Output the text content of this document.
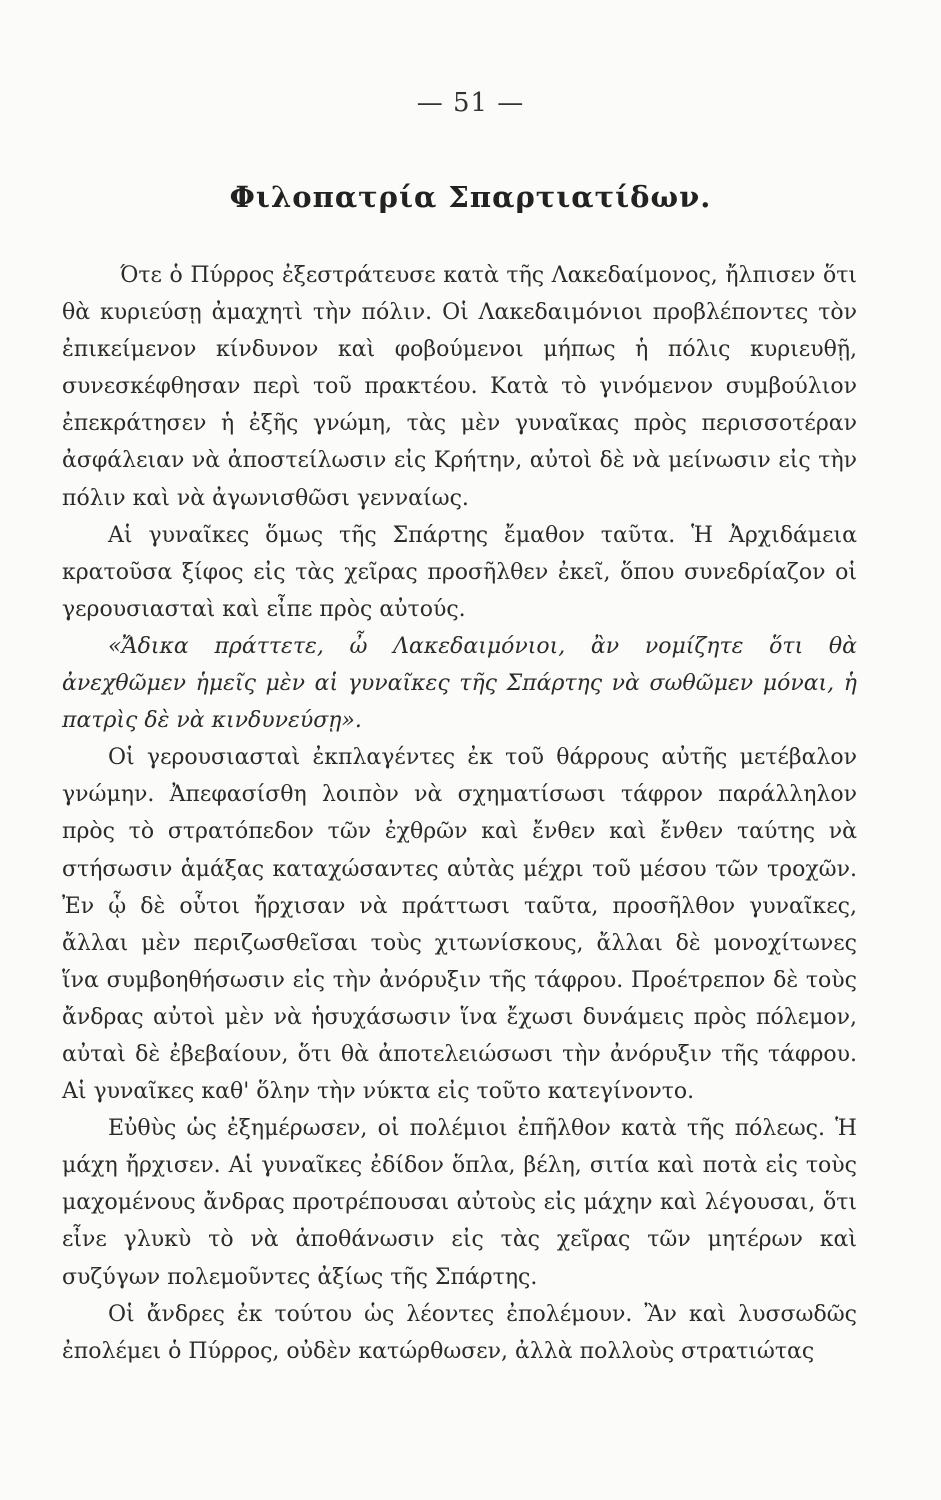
— 51 —
Φιλοπατρία Σπαρτιατίδων.

Ότε ὁ Πύρρος ἐξεστράτευσε κατὰ τῆς Λακεδαίμονος, ἤλπισεν ὅτι θὰ κυριεύσῃ ἀμαχητὶ τὴν πόλιν. Οἱ Λακεδαιμόνιοι προβλέποντες τὸν ἐπικείμενον κίνδυνον καὶ φοβούμενοι μήπως ἡ πόλις κυριευθῇ, συνεσκέφθησαν περὶ τοῦ πρακτέου. Κατὰ τὸ γινόμενον συμβούλιον ἐπεκράτησεν ἡ ἐξῆς γνώμη, τὰς μὲν γυναῖκας πρὸς περισσοτέραν ἀσφάλειαν νὰ ἀποστείλωσιν εἰς Κρήτην, αὐτοὶ δὲ νὰ μείνωσιν εἰς τὴν πόλιν καὶ νὰ ἀγωνισθῶσι γενναίως.

Αἱ γυναῖκες ὅμως τῆς Σπάρτης ἔμαθον ταῦτα. Ἡ Ἀρχιδάμεια κρατοῦσα ξίφος εἰς τὰς χεῖρας προσῆλθεν ἐκεῖ, ὅπου συνεδρίαζον οἱ γερουσιασταὶ καὶ εἶπε πρὸς αὐτούς.

«Ἄδικα πράττετε, ὦ Λακεδαιμόνιοι, ἂν νομίζητε ὅτι θὰ ἀνεχθῶμεν ἡμεῖς μὲν αἱ γυναῖκες τῆς Σπάρτης νὰ σωθῶμεν μόναι, ἡ πατρὶς δὲ νὰ κινδυνεύσῃ».

Οἱ γερουσιασταὶ ἐκπλαγέντες ἐκ τοῦ θάρρους αὐτῆς μετέβαλον γνώμην. Ἀπεφασίσθη λοιπὸν νὰ σχηματίσωσι τάφρον παράλληλον πρὸς τὸ στρατόπεδον τῶν ἐχθρῶν καὶ ἔνθεν καὶ ἔνθεν ταύτης νὰ στήσωσιν ἁμάξας καταχώσαντες αὐτὰς μέχρι τοῦ μέσου τῶν τροχῶν. Ἐν ᾧ δὲ οὗτοι ἤρχισαν νὰ πράττωσι ταῦτα, προσῆλθον γυναῖκες, ἄλλαι μὲν περιζωσθεῖσαι τοὺς χιτωνίσκους, ἄλλαι δὲ μονοχίτωνες ἵνα συμβοηθήσωσιν εἰς τὴν ἀνόρυξιν τῆς τάφρου. Προέτρεπον δὲ τοὺς ἄνδρας αὐτοὶ μὲν νὰ ἡσυχάσωσιν ἵνα ἔχωσι δυνάμεις πρὸς πόλεμον, αὐταὶ δὲ ἐβεβαίουν, ὅτι θὰ ἀποτελειώσωσι τὴν ἀνόρυξιν τῆς τάφρου. Αἱ γυναῖκες καθ' ὅλην τὴν νύκτα εἰς τοῦτο κατεγίνοντο.

Εὐθὺς ὡς ἐξημέρωσεν, οἱ πολέμιοι ἐπῆλθον κατὰ τῆς πόλεως. Ἡ μάχη ἤρχισεν. Αἱ γυναῖκες ἐδίδον ὅπλα, βέλη, σιτία καὶ ποτὰ εἰς τοὺς μαχομένους ἄνδρας προτρέπουσαι αὐτοὺς εἰς μάχην καὶ λέγουσαι, ὅτι εἶνε γλυκὺ τὸ νὰ ἀποθάνωσιν εἰς τὰς χεῖρας τῶν μητέρων καὶ συζύγων πολεμοῦντες ἀξίως τῆς Σπάρτης.

Οἱ ἄνδρες ἐκ τούτου ὡς λέοντες ἐπολέμουν. Ἂν καὶ λυσσωδῶς ἐπολέμει ὁ Πύρρος, οὐδὲν κατώρθωσεν, ἀλλὰ πολλοὺς στρατιώτας
